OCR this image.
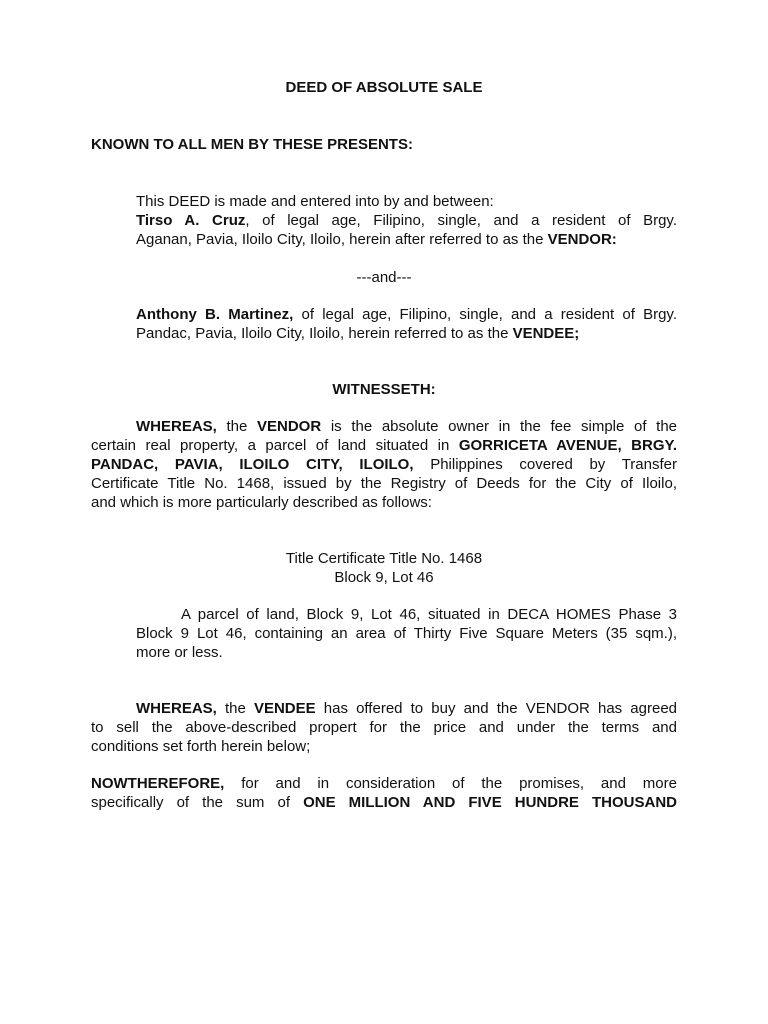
DEED OF ABSOLUTE SALE
KNOWN TO ALL MEN BY THESE PRESENTS:
This DEED is made and entered into by and between:
Tirso A. Cruz, of legal age, Filipino, single, and a resident of Brgy.
Aganan, Pavia, Iloilo City, Iloilo, herein after referred to as the VENDOR:
---and---
Anthony B. Martinez, of legal age, Filipino, single, and a resident of Brgy.
Pandac, Pavia, Iloilo City, Iloilo, herein referred to as the VENDEE;
WITNESSETH:
WHEREAS, the VENDOR is the absolute owner in the fee simple of the
certain real property, a parcel of land situated in GORRICETA AVENUE, BRGY.
PANDAC, PAVIA, ILOILO CITY, ILOILO, Philippines covered by Transfer
Certificate Title No. 1468, issued by the Registry of Deeds for the City of Iloilo,
and which is more particularly described as follows:
Title Certificate Title No. 1468
Block 9, Lot 46
A parcel of land, Block 9, Lot 46, situated in DECA HOMES Phase 3
Block 9 Lot 46, containing an area of Thirty Five Square Meters (35 sqm.),
more or less.
WHEREAS, the VENDEE has offered to buy and the VENDOR has agreed
to sell the above-described propert for the price and under the terms and
conditions set forth herein below;
NOWTHEREFORE, for and in consideration of the promises, and more
specifically of the sum of ONE MILLION AND FIVE HUNDRE THOUSAND
